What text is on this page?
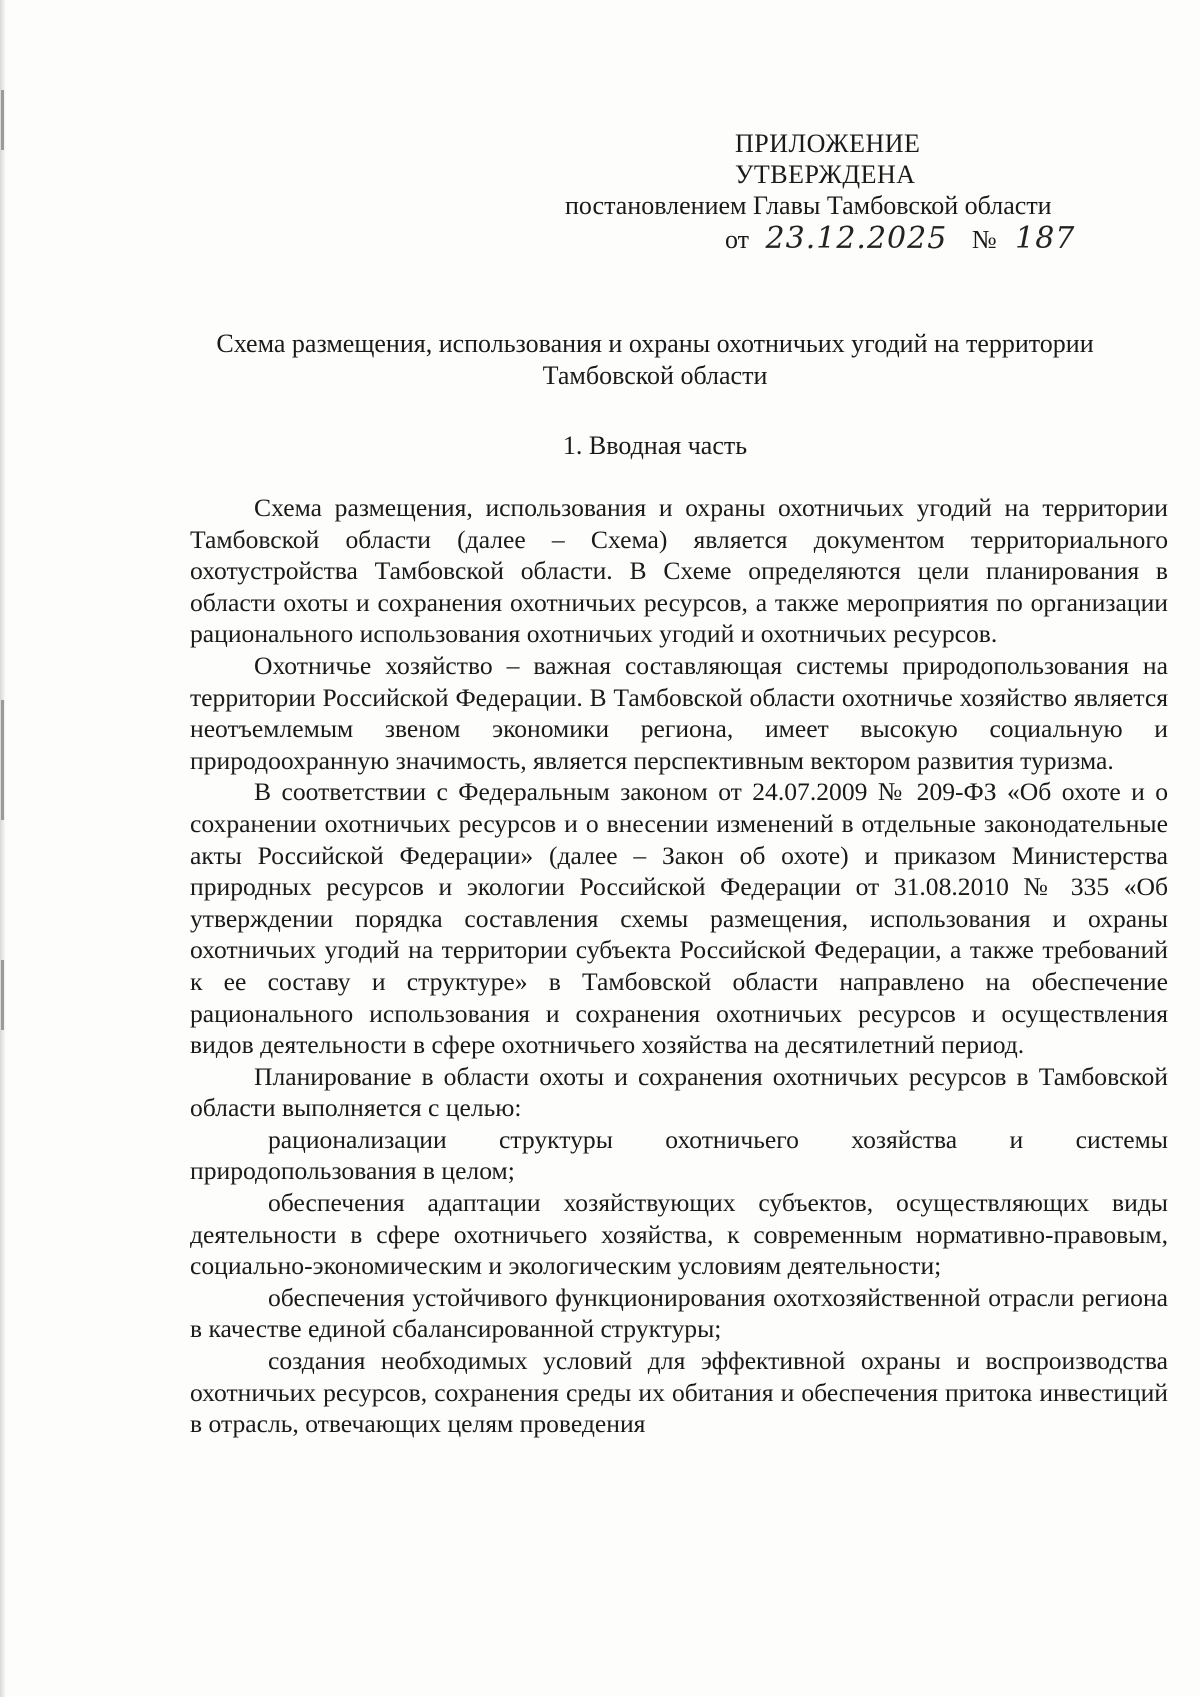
ПРИЛОЖЕНИЕ
УТВЕРЖДЕНА
постановлением Главы Тамбовской области
от 23.12.2025 № 187
Схема размещения, использования и охраны охотничьих угодий на территории Тамбовской области
1. Вводная часть

Схема размещения, использования и охраны охотничьих угодий на территории Тамбовской области (далее – Схема) является документом территориального охотустройства Тамбовской области. В Схеме определяются цели планирования в области охоты и сохранения охотничьих ресурсов, а также мероприятия по организации рационального использования охотничьих угодий и охотничьих ресурсов.

Охотничье хозяйство – важная составляющая системы природопользования на территории Российской Федерации. В Тамбовской области охотничье хозяйство является неотъемлемым звеном экономики региона, имеет высокую социальную и природоохранную значимость, является перспективным вектором развития туризма.

В соответствии с Федеральным законом от 24.07.2009 № 209-ФЗ «Об охоте и о сохранении охотничьих ресурсов и о внесении изменений в отдельные законодательные акты Российской Федерации» (далее – Закон об охоте) и приказом Министерства природных ресурсов и экологии Российской Федерации от 31.08.2010 № 335 «Об утверждении порядка составления схемы размещения, использования и охраны охотничьих угодий на территории субъекта Российской Федерации, а также требований к ее составу и структуре» в Тамбовской области направлено на обеспечение рационального использования и сохранения охотничьих ресурсов и осуществления видов деятельности в сфере охотничьего хозяйства на десятилетний период.

Планирование в области охоты и сохранения охотничьих ресурсов в Тамбовской области выполняется с целью:

рационализации структуры охотничьего хозяйства и системы природопользования в целом;

обеспечения адаптации хозяйствующих субъектов, осуществляющих виды деятельности в сфере охотничьего хозяйства, к современным нормативно-правовым, социально-экономическим и экологическим условиям деятельности;

обеспечения устойчивого функционирования охотхозяйственной отрасли региона в качестве единой сбалансированной структуры;

создания необходимых условий для эффективной охраны и воспроизводства охотничьих ресурсов, сохранения среды их обитания и обеспечения притока инвестиций в отрасль, отвечающих целям проведения
